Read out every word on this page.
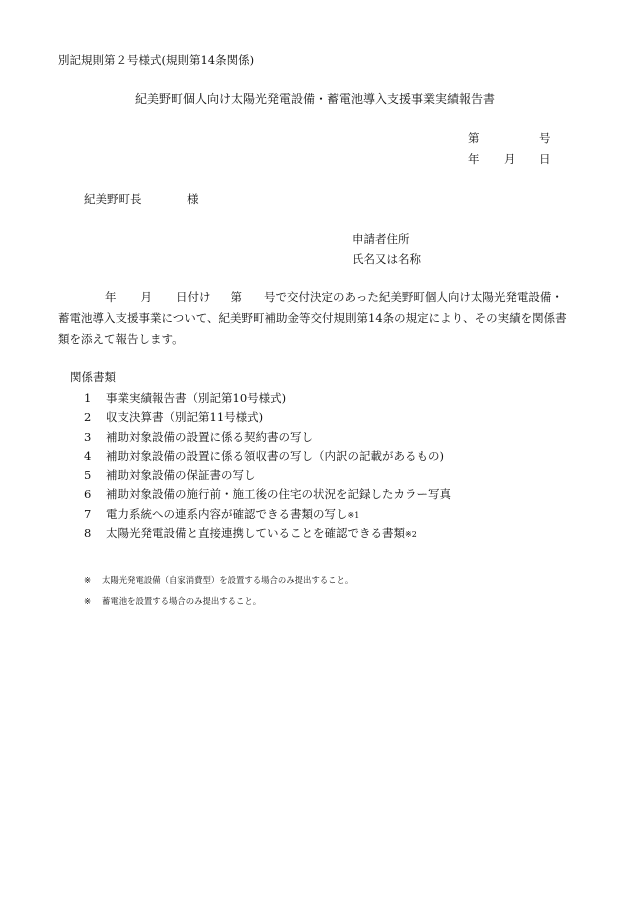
別記規則第２号様式(規則第14条関係)
紀美野町個人向け太陽光発電設備・蓄電池導入支援事業実績報告書
第	号
年 月 日
紀美野町長	様
申請者住所
氏名又は名称
年 月 日付け 第 号で交付決定のあった紀美野町個人向け太陽光発電設備・
蓄電池導入支援事業について、紀美野町補助金等交付規則第14条の規定により、その実績を関係書
類を添えて報告します。
関係書類
1 事業実績報告書（別記第10号様式)
2 収支決算書（別記第11号様式)
3 補助対象設備の設置に係る契約書の写し
4 補助対象設備の設置に係る領収書の写し（内訳の記載があるもの)
5 補助対象設備の保証書の写し
6 補助対象設備の施行前・施工後の住宅の状況を記録したカラー写真
7 電力系統への連系内容が確認できる書類の写し※1
8 太陽光発電設備と直接連携していることを確認できる書類※2
※ 太陽光発電設備（自家消費型）を設置する場合のみ提出すること。
※ 蓄電池を設置する場合のみ提出すること。
